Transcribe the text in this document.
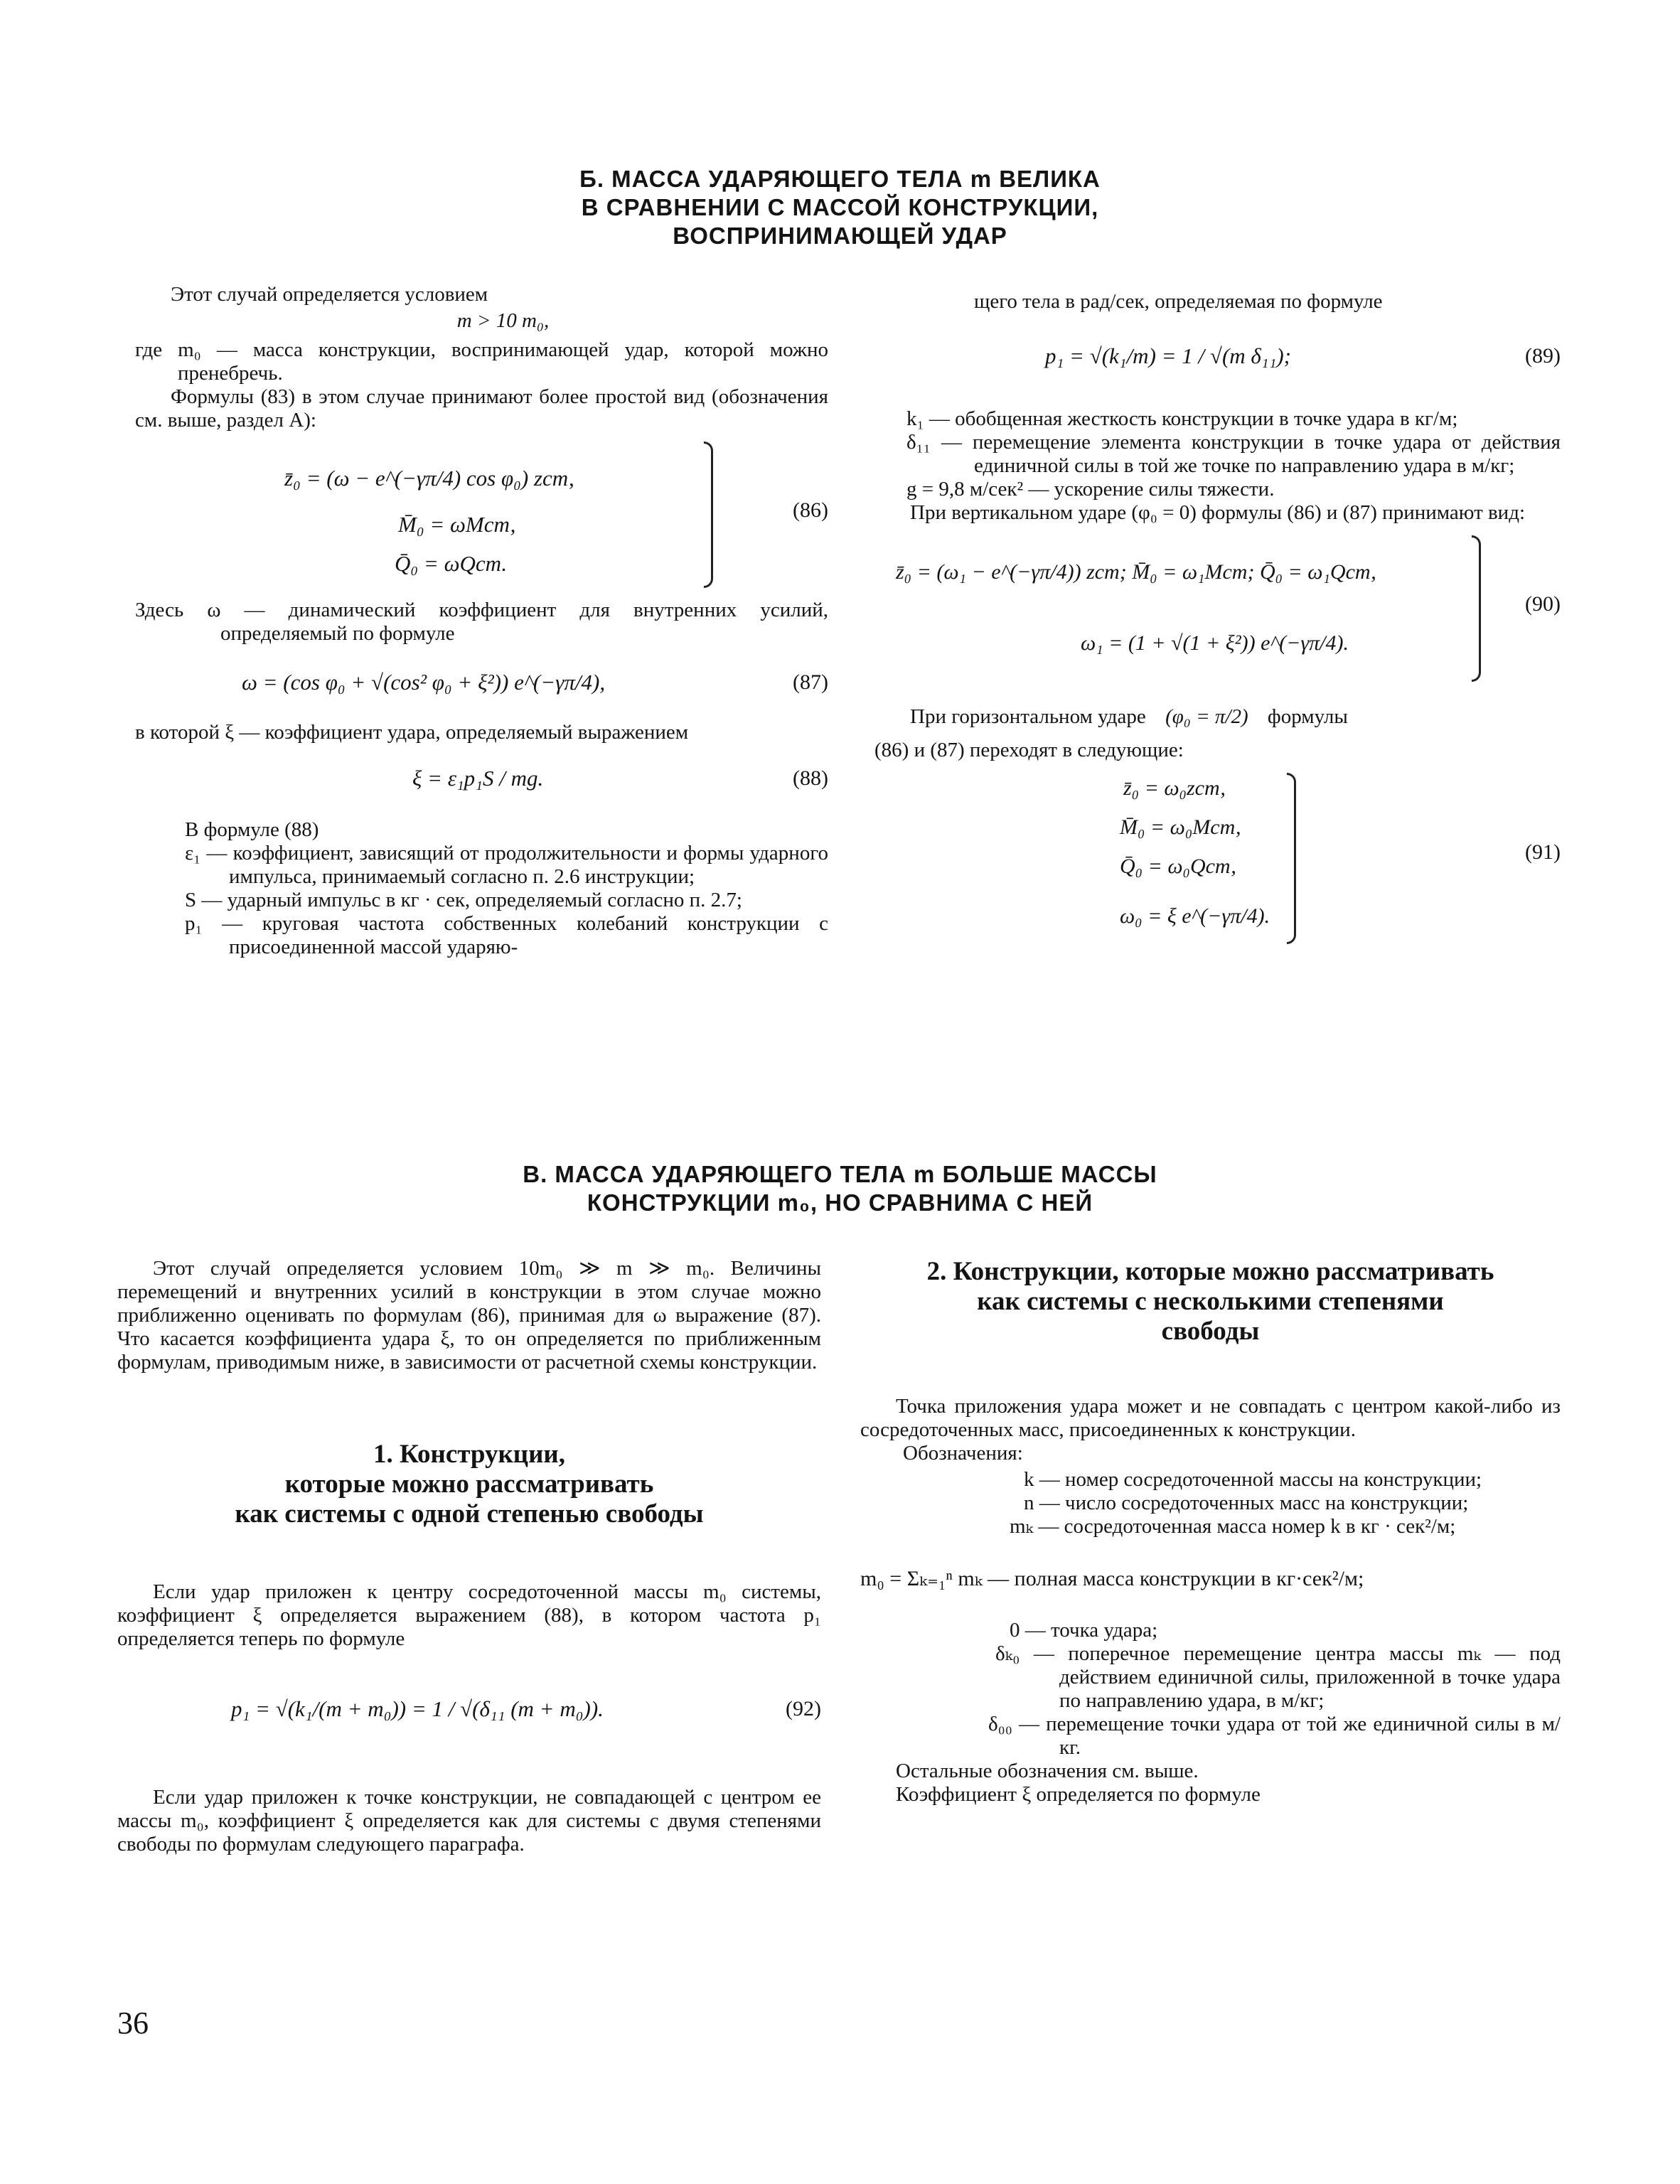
Б. МАССА УДАРЯЮЩЕГО ТЕЛА m ВЕЛИКА
В СРАВНЕНИИ С МАССОЙ КОНСТРУКЦИИ,
ВОСПРИНИМАЮЩЕЙ УДАР

Этот случай определяется условием

m > 10 m₀,

где m₀ — масса конструкции, воспринимающей удар, которой можно пренебречь.

Формулы (83) в этом случае принимают более простой вид (обозначения см. выше, раздел А):

z̄₀ = (ω − e^(−γπ/4) cos φ₀) zст,
M̄₀ = ωMст,
Q̄₀ = ωQст.
(86)

Здесь ω — динамический коэффициент для внутренних усилий, определяемый по формуле

ω = (cos φ₀ + √(cos² φ₀ + ξ²)) e^(−γπ/4),	(87)

в которой ξ — коэффициент удара, определяемый выражением

ξ = ε₁p₁S / mg.	(88)

В формуле (88)

ε₁ — коэффициент, зависящий от продолжительности и формы ударного импульса, принимаемый согласно п. 2.6 инструкции;

S — ударный импульс в кг · сек, определяемый согласно п. 2.7;

p₁ — круговая частота собственных колебаний конструкции с присоединенной массой ударяю-

щего тела в рад/сек, определяемая по формуле

p₁ = √(k₁/m) = 1 / √(m δ₁₁);	(89)

k₁ — обобщенная жесткость конструкции в точке удара в кг/м;

δ₁₁ — перемещение элемента конструкции в точке удара от действия единичной силы в той же точке по направлению удара в м/кг;

g = 9,8 м/сек² — ускорение силы тяжести.

При вертикальном ударе (φ₀ = 0) формулы (86) и (87) принимают вид:

z̄₀ = (ω₁ − e^(−γπ/4)) zст; M̄₀ = ω₁Mст; Q̄₀ = ω₁Qст,
ω₁ = (1 + √(1 + ξ²)) e^(−γπ/4).
(90)
При горизонтальном ударе (φ₀ = π/2) формулы

(86) и (87) переходят в следующие:

z̄₀ = ω₀zст,
M̄₀ = ω₀Mст,
Q̄₀ = ω₀Qст,
ω₀ = ξ e^(−γπ/4).
(91)
В. МАССА УДАРЯЮЩЕГО ТЕЛА m БОЛЬШЕ МАССЫ
КОНСТРУКЦИИ m₀, НО СРАВНИМА С НЕЙ

Этот случай определяется условием 10m₀ ≫ m ≫ m₀. Величины перемещений и внутренних усилий в конструкции в этом случае можно приближенно оценивать по формулам (86), принимая для ω выражение (87). Что касается коэффициента удара ξ, то он определяется по приближенным формулам, приводимым ниже, в зависимости от расчетной схемы конструкции.

1. Конструкции,
которые можно рассматривать
как системы с одной степенью свободы

Если удар приложен к центру сосредоточенной массы m₀ системы, коэффициент ξ определяется выражением (88), в котором частота p₁ определяется теперь по формуле

p₁ = √(k₁/(m + m₀)) = 1 / √(δ₁₁ (m + m₀)).	(92)

Если удар приложен к точке конструкции, не совпадающей с центром ее массы m₀, коэффициент ξ определяется как для системы с двумя степенями свободы по формулам следующего параграфа.

2. Конструкции, которые можно рассматривать
как системы с несколькими степенями
свободы

Точка приложения удара может и не совпадать с центром какой-либо из сосредоточенных масс, присоединенных к конструкции.

Обозначения:

k — номер сосредоточенной массы на конструкции;

n — число сосредоточенных масс на конструкции;

mₖ — сосредоточенная масса номер k в кг · сек²/м;

m₀ = Σₖ₌₁ⁿ mₖ — полная масса конструкции в кг·сек²/м;

0 — точка удара;

δₖ₀ — поперечное перемещение центра массы mₖ — под действием единичной силы, приложенной в точке удара по направлению удара, в м/кг;

δ₀₀ — перемещение точки удара от той же единичной силы в м/кг.

Остальные обозначения см. выше.

Коэффициент ξ определяется по формуле

36
